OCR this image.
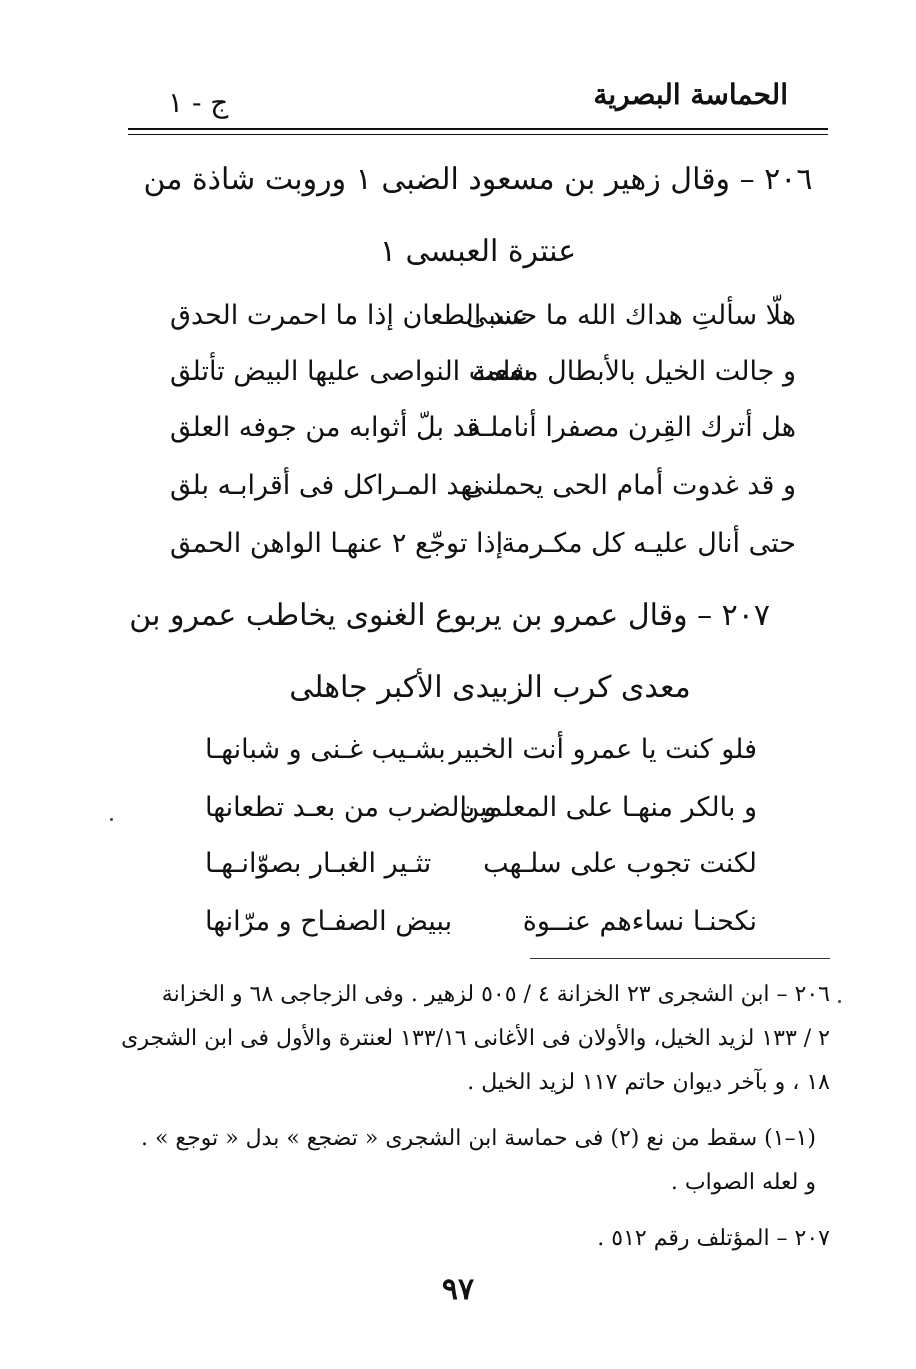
الحماسة البصرية
ج - ١
٢٠٦ – وقال زهير بن مسعود الضبى ١ وروبت شاذة من
عنترة العبسى ١
هلّا سألتِ هداك الله ما حسبى
عند الطعان إذا ما احمرت الحدق
و جالت الخيل بالأبطال معلمة
شعث النواصى عليها البيض تأتلق
هل أترك القِرن مصفرا أناملـه
قد بلّ أثوابه من جوفه العلق
و قد غدوت أمام الحى يحملنى
نهد المـراكل فى أقرابـه بلق
حتى أنال عليـه كل مكـرمة
إذا توجّع ٢ عنهـا الواهن الحمق
٢٠٧ – وقال عمرو بن يربوع الغنوى يخاطب عمرو بن
معدى كرب الزبيدى الأكبر جاهلى
فلو كنت يا عمرو أنت الخبير
بشـيب غـنى و شبانهـا
و بالكر منهـا على المعلمين
و بالضرب من بعـد تطعانها
لكنت تجوب على سلـهب
تثـير الغبـار بصوّانـهـا
نكحنـا نساءهم عنــوة
ببيض الصفـاح و مرّانها
٢٠٦ – ابن الشجرى ٢٣ الخزانة ٤ / ٥٠٥ لزهير . وفى الزجاجى ٦٨ و الخزانة
٢ / ١٣٣ لزيد الخيل، والأولان فى الأغانى ١٣٣/١٦ لعنترة والأول فى ابن الشجرى
١٨ ، و بآخر ديوان حاتم ١١٧ لزيد الخيل .
(١–١) سقط من نع (٢) فى حماسة ابن الشجرى « تضجع » بدل « توجع » .
و لعله الصواب .
٢٠٧ – المؤتلف رقم ٥١٢ .
٩٧
